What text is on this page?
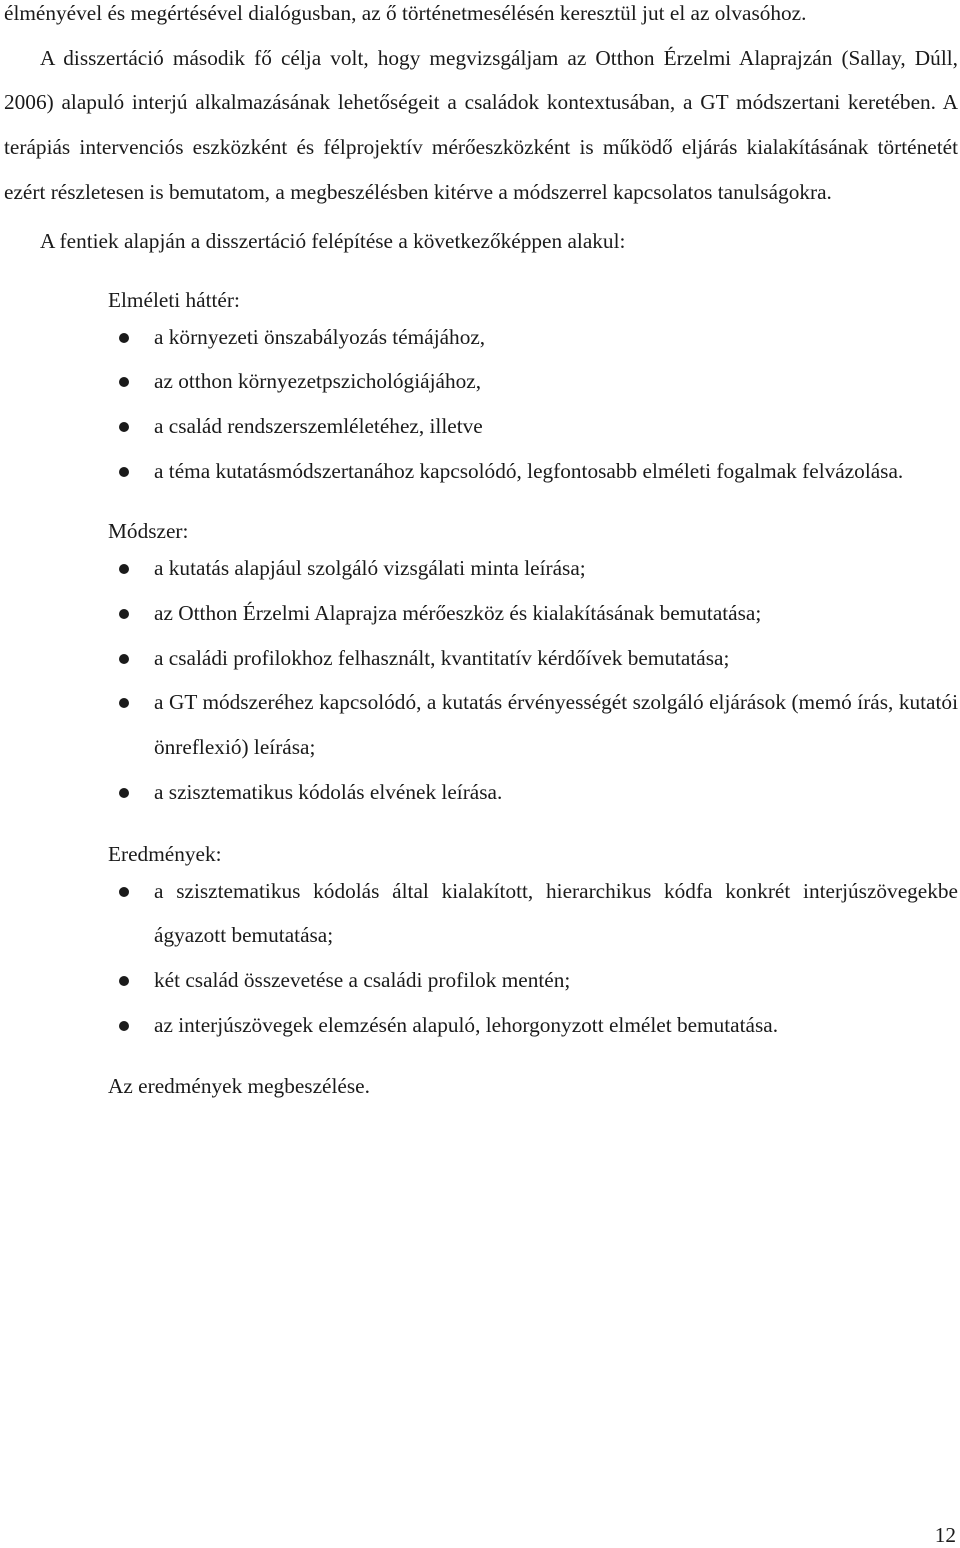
élményével és megértésével dialógusban, az ő történetmesélésén keresztül jut el az olvasóhoz.

A disszertáció második fő célja volt, hogy megvizsgáljam az Otthon Érzelmi Alaprajzán (Sallay, Dúll, 2006) alapuló interjú alkalmazásának lehetőségeit a családok kontextusában, a GT módszertani keretében. A terápiás intervenciós eszközként és félprojektív mérőeszközként is működő eljárás kialakításának történetét ezért részletesen is bemutatom, a megbeszélésben kitérve a módszerrel kapcsolatos tanulságokra.

A fentiek alapján a disszertáció felépítése a következőképpen alakul:

Elméleti háttér:

a környezeti önszabályozás témájához,
az otthon környezetpszichológiájához,
a család rendszerszemléletéhez, illetve
a téma kutatásmódszertanához kapcsolódó, legfontosabb elméleti fogalmak felvázolása.

Módszer:

a kutatás alapjául szolgáló vizsgálati minta leírása;
az Otthon Érzelmi Alaprajza mérőeszköz és kialakításának bemutatása;
a családi profilokhoz felhasznált, kvantitatív kérdőívek bemutatása;
a GT módszeréhez kapcsolódó, a kutatás érvényességét szolgáló eljárások (memó írás, kutatói önreflexió) leírása;
a szisztematikus kódolás elvének leírása.

Eredmények:

a szisztematikus kódolás által kialakított, hierarchikus kódfa konkrét interjúszövegekbe ágyazott bemutatása;
két család összevetése a családi profilok mentén;
az interjúszövegek elemzésén alapuló, lehorgonyzott elmélet bemutatása.

Az eredmények megbeszélése.

12
